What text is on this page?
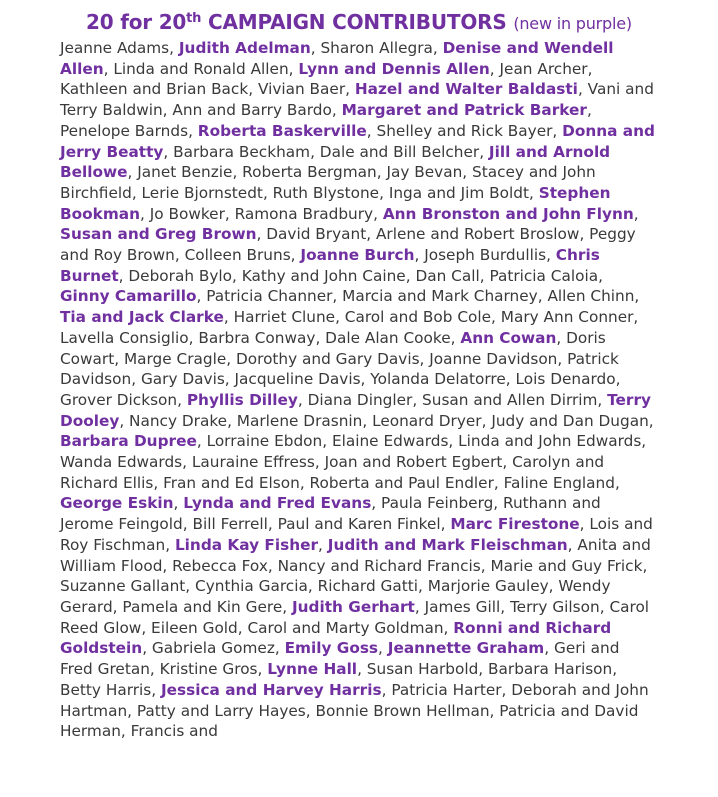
20 for 20th CAMPAIGN CONTRIBUTORS (new in purple)
Jeanne Adams, Judith Adelman, Sharon Allegra, Denise and Wendell Allen, Linda and Ronald Allen, Lynn and Dennis Allen, Jean Archer, Kathleen and Brian Back, Vivian Baer, Hazel and Walter Baldasti, Vani and Terry Baldwin, Ann and Barry Bardo, Margaret and Patrick Barker, Penelope Barnds, Roberta Baskerville, Shelley and Rick Bayer, Donna and Jerry Beatty, Barbara Beckham, Dale and Bill Belcher, Jill and Arnold Bellowe, Janet Benzie, Roberta Bergman, Jay Bevan, Stacey and John Birchfield, Lerie Bjornstedt, Ruth Blystone, Inga and Jim Boldt, Stephen Bookman, Jo Bowker, Ramona Bradbury, Ann Bronston and John Flynn, Susan and Greg Brown, David Bryant, Arlene and Robert Broslow, Peggy and Roy Brown, Colleen Bruns, Joanne Burch, Joseph Burdullis, Chris Burnet, Deborah Bylo, Kathy and John Caine, Dan Call, Patricia Caloia, Ginny Camarillo, Patricia Channer, Marcia and Mark Charney, Allen Chinn, Tia and Jack Clarke, Harriet Clune, Carol and Bob Cole, Mary Ann Conner, Lavella Consiglio, Barbra Conway, Dale Alan Cooke, Ann Cowan, Doris Cowart, Marge Cragle, Dorothy and Gary Davis, Joanne Davidson, Patrick Davidson, Gary Davis, Jacqueline Davis, Yolanda Delatorre, Lois Denardo, Grover Dickson, Phyllis Dilley, Diana Dingler, Susan and Allen Dirrim, Terry Dooley, Nancy Drake, Marlene Drasnin, Leonard Dryer, Judy and Dan Dugan, Barbara Dupree, Lorraine Ebdon, Elaine Edwards, Linda and John Edwards, Wanda Edwards, Lauraine Effress, Joan and Robert Egbert, Carolyn and Richard Ellis, Fran and Ed Elson, Roberta and Paul Endler, Faline England, George Eskin, Lynda and Fred Evans, Paula Feinberg, Ruthann and Jerome Feingold, Bill Ferrell, Paul and Karen Finkel, Marc Firestone, Lois and Roy Fischman, Linda Kay Fisher, Judith and Mark Fleischman, Anita and William Flood, Rebecca Fox, Nancy and Richard Francis, Marie and Guy Frick, Suzanne Gallant, Cynthia Garcia, Richard Gatti, Marjorie Gauley, Wendy Gerard, Pamela and Kin Gere, Judith Gerhart, James Gill, Terry Gilson, Carol Reed Glow, Eileen Gold, Carol and Marty Goldman, Ronni and Richard Goldstein, Gabriela Gomez, Emily Goss, Jeannette Graham, Geri and Fred Gretan, Kristine Gros, Lynne Hall, Susan Harbold, Barbara Harison, Betty Harris, Jessica and Harvey Harris, Patricia Harter, Deborah and John Hartman, Patty and Larry Hayes, Bonnie Brown Hellman, Patricia and David Herman, Francis and
